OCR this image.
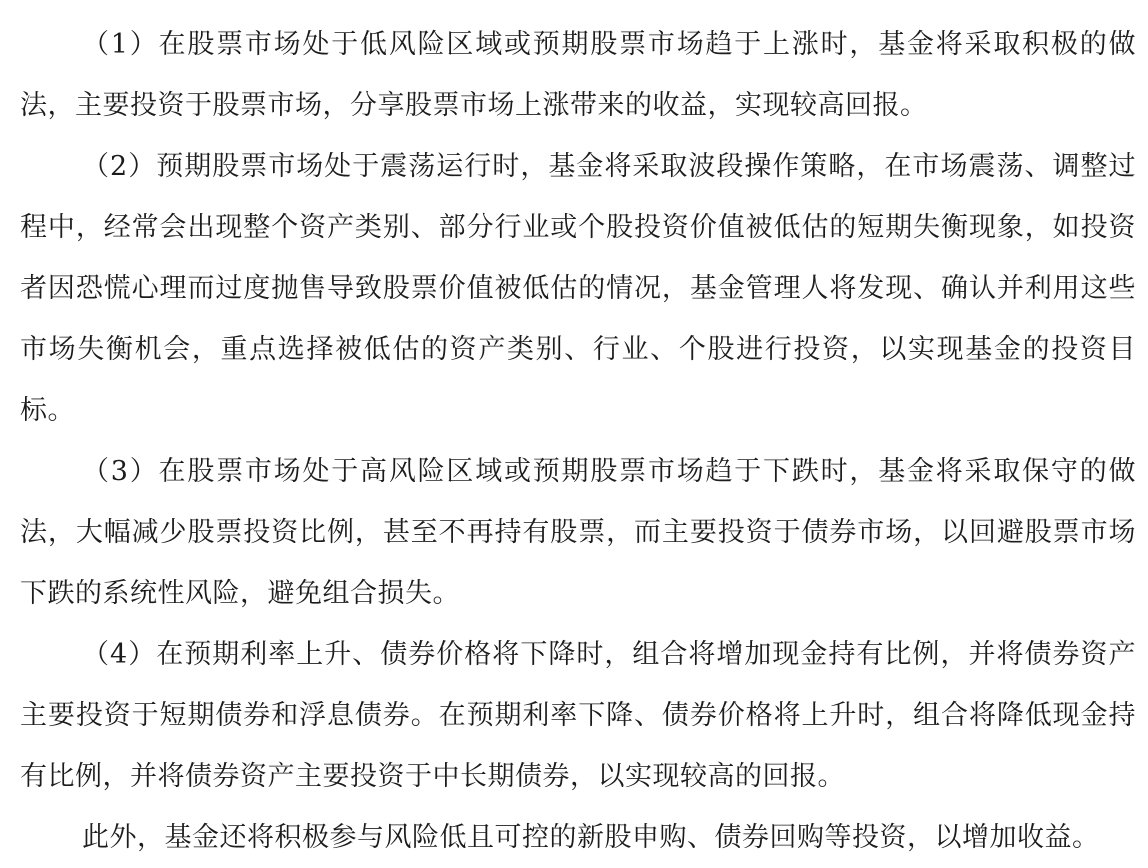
（1）在股票市场处于低风险区域或预期股票市场趋于上涨时，基金将采取积极的做法，主要投资于股票市场，分享股票市场上涨带来的收益，实现较高回报。

（2）预期股票市场处于震荡运行时，基金将采取波段操作策略，在市场震荡、调整过程中，经常会出现整个资产类别、部分行业或个股投资价值被低估的短期失衡现象，如投资者因恐慌心理而过度抛售导致股票价值被低估的情况，基金管理人将发现、确认并利用这些市场失衡机会，重点选择被低估的资产类别、行业、个股进行投资，以实现基金的投资目标。

（3）在股票市场处于高风险区域或预期股票市场趋于下跌时，基金将采取保守的做法，大幅减少股票投资比例，甚至不再持有股票，而主要投资于债券市场，以回避股票市场下跌的系统性风险，避免组合损失。

（4）在预期利率上升、债券价格将下降时，组合将增加现金持有比例，并将债券资产主要投资于短期债券和浮息债券。在预期利率下降、债券价格将上升时，组合将降低现金持有比例，并将债券资产主要投资于中长期债券，以实现较高的回报。

此外，基金还将积极参与风险低且可控的新股申购、债券回购等投资，以增加收益。
